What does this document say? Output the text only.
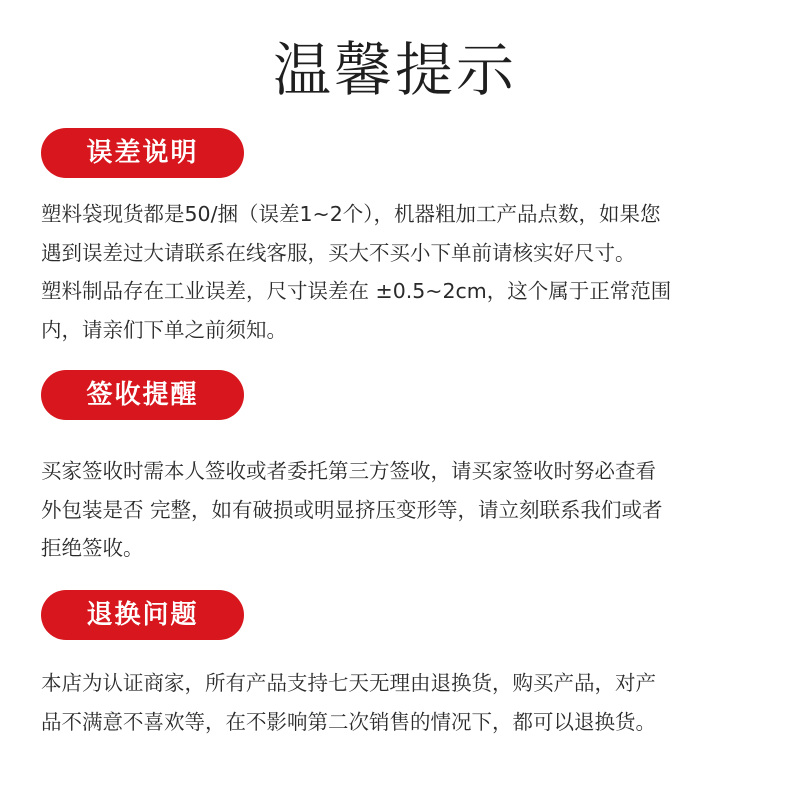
温馨提示
误差说明
塑料袋现货都是50/捆（误差1~2个），机器粗加工产品点数，如果您
遇到误差过大请联系在线客服，买大不买小下单前请核实好尺寸。
塑料制品存在工业误差，尺寸误差在 ±0.5~2cm，这个属于正常范围
内，请亲们下单之前须知。
签收提醒
买家签收时需本人签收或者委托第三方签收，请买家签收时努必查看
外包装是否 完整，如有破损或明显挤压变形等，请立刻联系我们或者
拒绝签收。
退换问题
本店为认证商家，所有产品支持七天无理由退换货，购买产品，对产
品不满意不喜欢等，在不影响第二次销售的情况下，都可以退换货。
